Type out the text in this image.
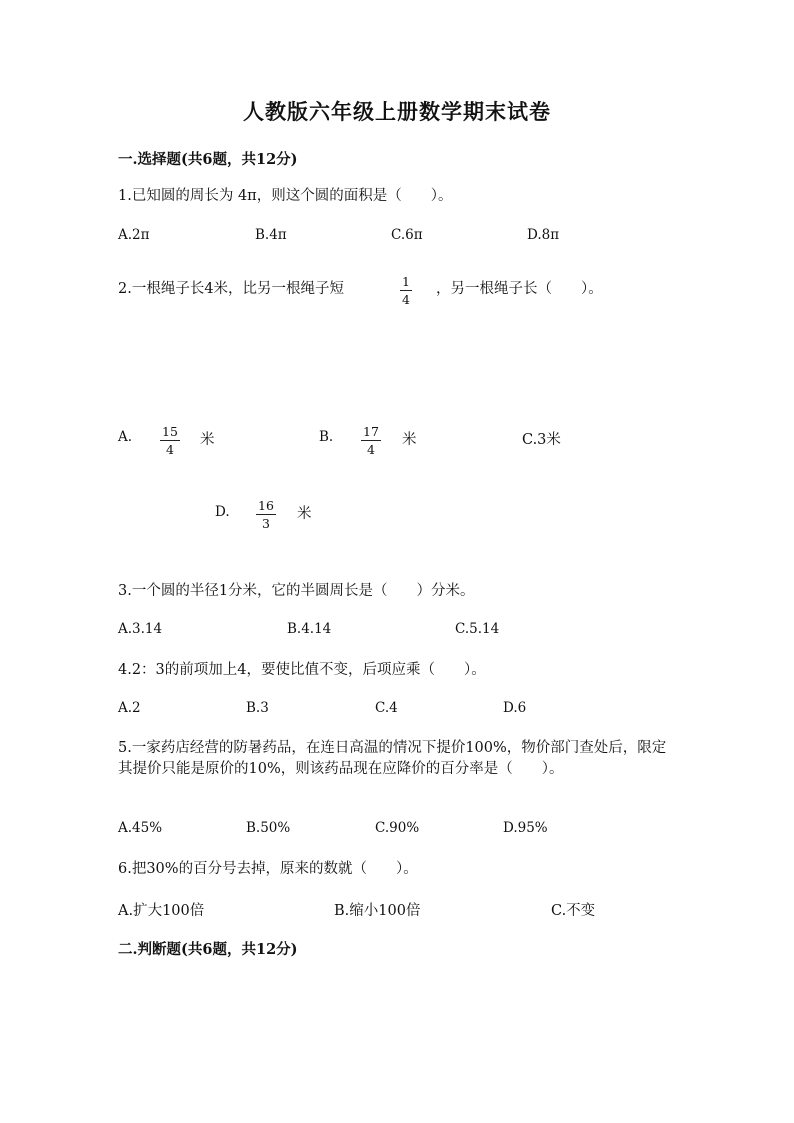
人教版六年级上册数学期末试卷
一.选择题(共6题，共12分)
1.已知圆的周长为 4π，则这个圆的面积是（　　）。
A.2π	B.4π	C.6π	D.8π
2.一根绳子长4米，比另一根绳子短	1
4
，另一根绳子长（　　）。
A. 15
4
米	B. 17
4
米	C.3米
D. 16
3
米
3.一个圆的半径1分米，它的半圆周长是（　　）分米。
A.3.14	B.4.14	C.5.14
4.2：3的前项加上4，要使比值不变，后项应乘（　　）。
A.2	B.3	C.4	D.6
5.一家药店经营的防暑药品，在连日高温的情况下提价100%，物价部门查处后，限定其提价只能是原价的10%，则该药品现在应降价的百分率是（　　）。
A.45%	B.50%	C.90%	D.95%
6.把30%的百分号去掉，原来的数就（　　）。
A.扩大100倍	B.缩小100倍	C.不变
二.判断题(共6题，共12分)
